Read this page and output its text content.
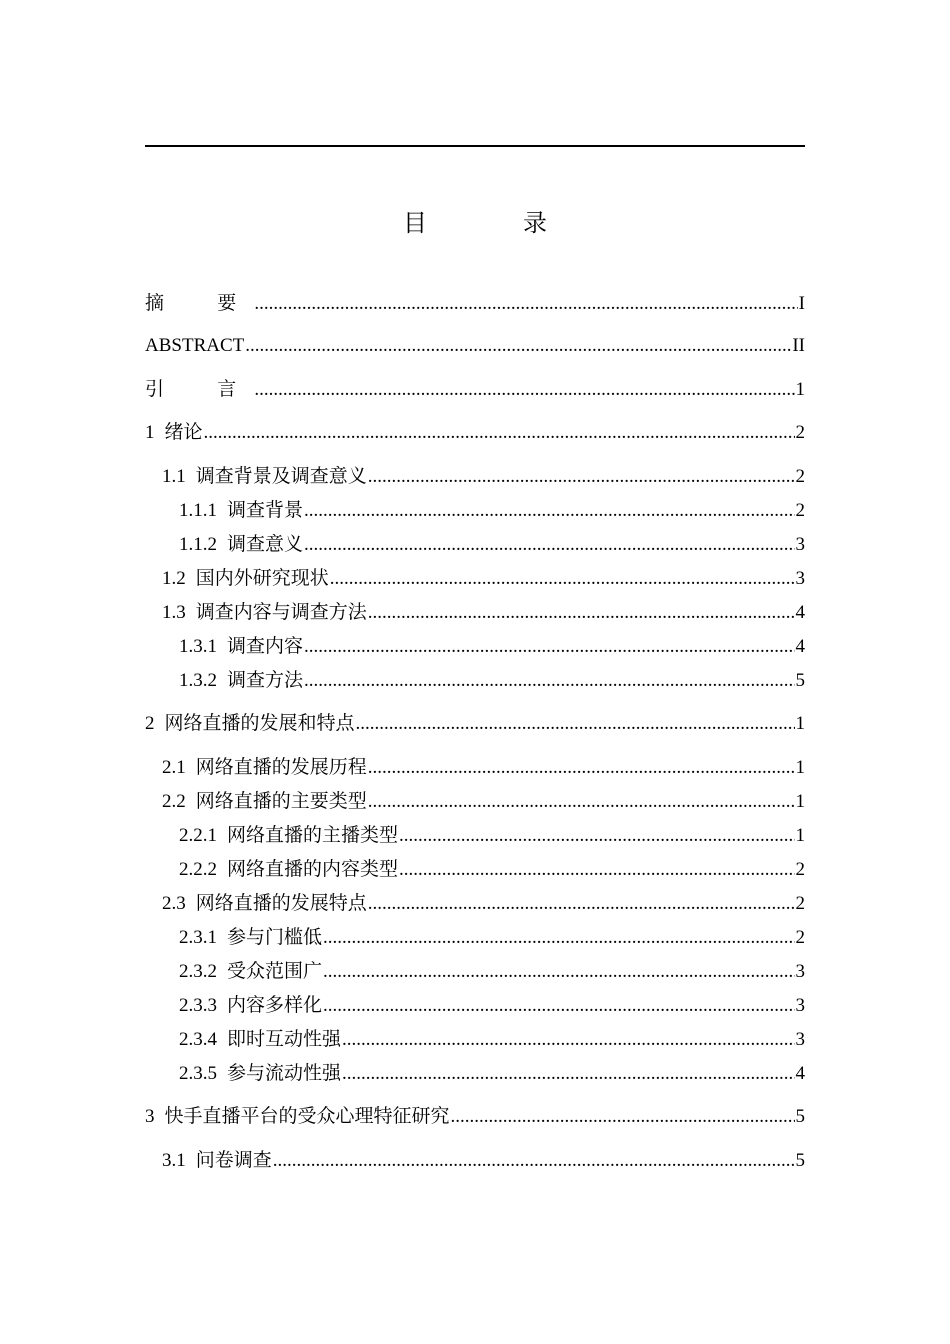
目　录
摘　要 .....	I
ABSTRACT .....	II
引　言 .....	1
1 绪论 .....	2
1.1 调查背景及调查意义 .....	2
1.1.1 调查背景 .....	2
1.1.2 调查意义 .....	3
1.2 国内外研究现状 .....	3
1.3 调查内容与调查方法 .....	4
1.3.1 调查内容 .....	4
1.3.2 调查方法 .....	5
2 网络直播的发展和特点 .....	1
2.1 网络直播的发展历程 .....	1
2.2 网络直播的主要类型 .....	1
2.2.1 网络直播的主播类型 .....	1
2.2.2 网络直播的内容类型 .....	2
2.3 网络直播的发展特点 .....	2
2.3.1 参与门槛低 .....	2
2.3.2 受众范围广 .....	3
2.3.3 内容多样化 .....	3
2.3.4 即时互动性强 .....	3
2.3.5 参与流动性强 .....	4
3 快手直播平台的受众心理特征研究 .....	5
3.1 问卷调查 .....	5
